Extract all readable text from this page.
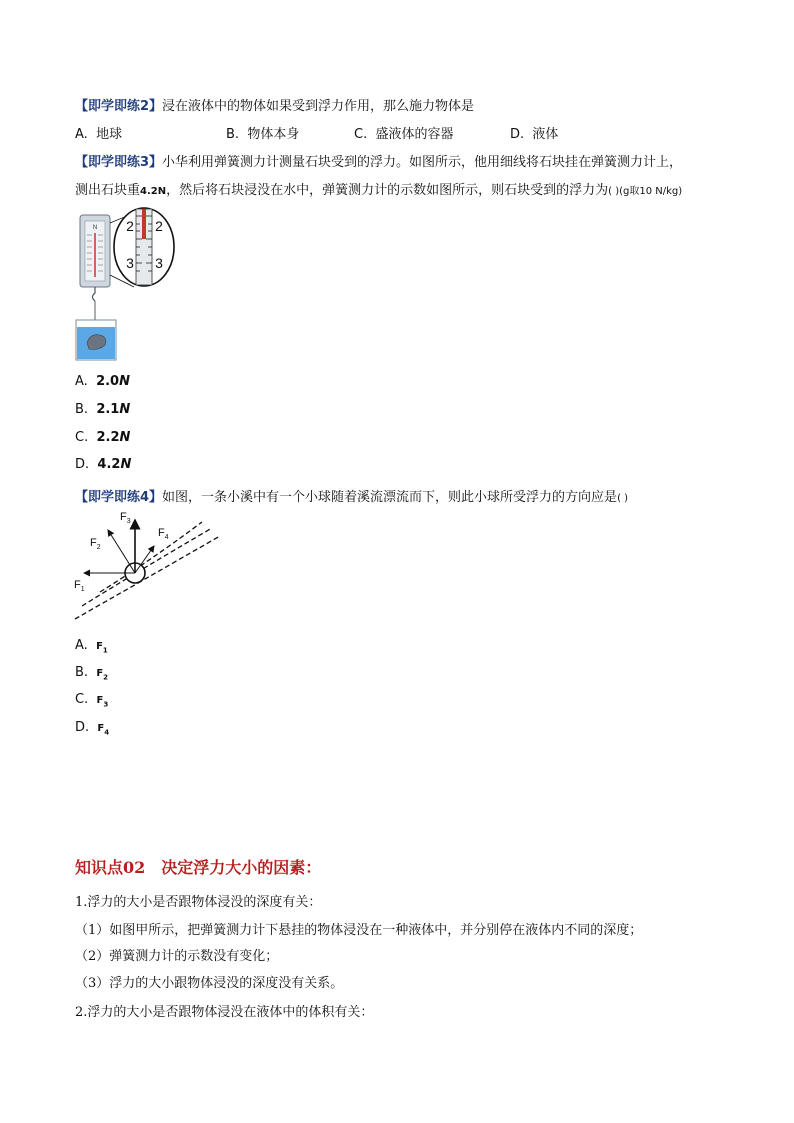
【即学即练2】浸在液体中的物体如果受到浮力作用，那么施力物体是
A. 地球	B. 物体本身	C. 盛液体的容器	D. 液体
【即学即练3】小华利用弹簧测力计测量石块受到的浮力。如图所示，他用细线将石块挂在弹簧测力计上，
测出石块重4.2N，然后将石块浸没在水中，弹簧测力计的示数如图所示，则石块受到的浮力为( )(g取10 N/kg)
N 2 2
3 3
A. 2.0N
B. 2.1N
C. 2.2N
D. 4.2N
【即学即练4】如图，一条小溪中有一个小球随着溪流漂流而下，则此小球所受浮力的方向应是( )
$F_1$
$F_2$
$F_3$
$F_4$
A. $F_1$
B. $F_2$
C. $F_3$
D. $F_4$
知识点02　决定浮力大小的因素：
1.浮力的大小是否跟物体浸没的深度有关：
（1）如图甲所示，把弹簧测力计下悬挂的物体浸没在一种液体中，并分别停在液体内不同的深度；
（2）弹簧测力计的示数没有变化；
（3）浮力的大小跟物体浸没的深度没有关系。
2.浮力的大小是否跟物体浸没在液体中的体积有关：
